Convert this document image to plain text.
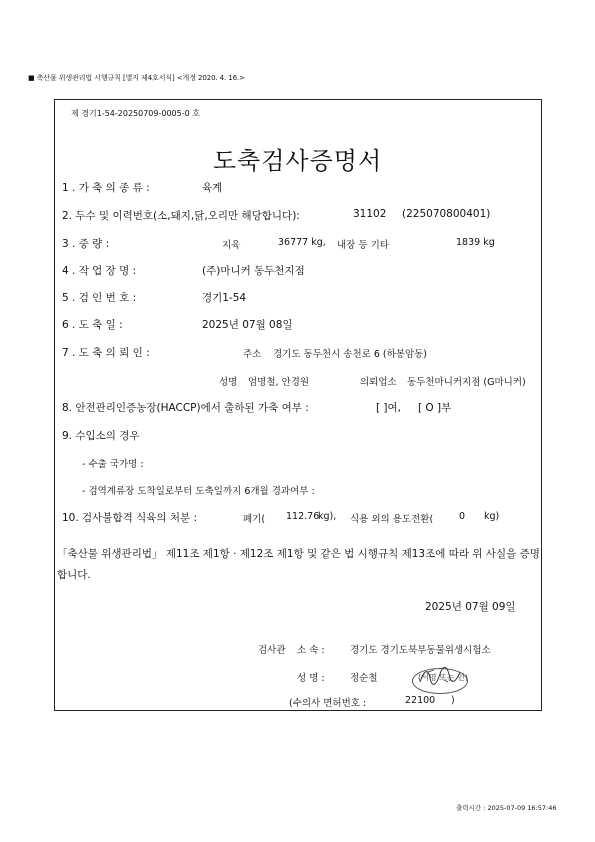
■ 축산물 위생관리법 시행규칙 [별지 제4호서식] <개정 2020. 4. 16.>
제 경기1-54-20250709-0005-0 호
도축검사증명서
1 . 가 축 의 종 류 :	육계
2. 두수 및 이력번호(소,돼지,닭,오리만 해당합니다):	31102 (225070800401)
3 . 중 량 :	지육	36777 kg, 내장 등 기타	1839 kg
4 . 작 업 장 명 :	(주)마니커 동두천지점
5 . 검 인 번 호 :	경기1-54
6 . 도 축 일 :	2025년 07월 08일
7 . 도 축 의 뢰 인 :	주소 경기도 동두천시 송천로 6 (하봉암동)
성명 엄명철, 안경원	의뢰업소 동두천마니커지점 (G마니커)
8. 안전관리인증농장(HACCP)에서 출하된 가축 여부 :	[ ]여, [ O ]부
9. 수입소의 경우
- 수출 국가명 :
- 검역계류장 도착일로부터 도축일까지 6개월 경과여부 :
10. 검사불합격 식육의 처분 :	폐기( 112.76
kg), 식용 외의 용도전환(	0 kg)
「축산물 위생관리법」 제11조 제1항 · 제12조 제1항 및 같은 법 시행규칙 제13조에 따라 위 사실을 증명
합니다.
2025년 07월 09일
검사관 소 속 :	경기도 경기도북부동물위생시험소
성 명 :	정순철	(서명 또는 인)
(수의사 면허번호 :	22100 )
출력시간 : 2025-07-09 16:57:46
